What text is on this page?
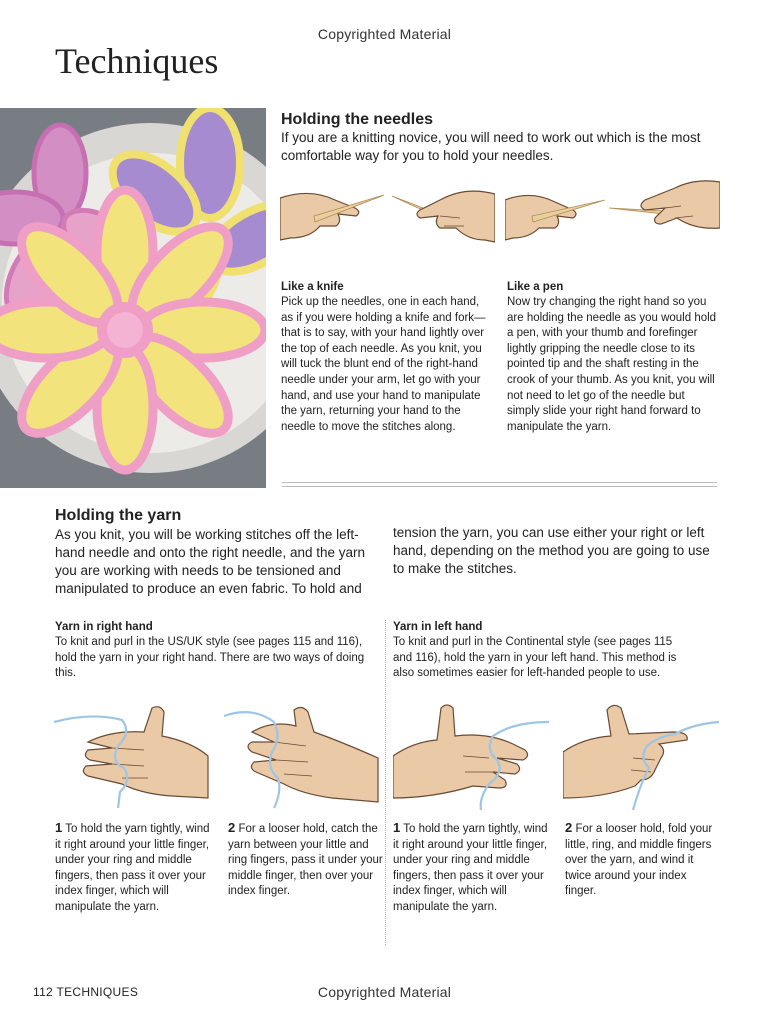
Copyrighted Material
Techniques
Holding the needles
If you are a knitting novice, you will need to work out which is the most comfortable way for you to hold your needles.
Like a knife
Pick up the needles, one in each hand, as if you were holding a knife and fork—that is to say, with your hand lightly over the top of each needle. As you knit, you will tuck the blunt end of the right-hand needle under your arm, let go with your hand, and use your hand to manipulate the yarn, returning your hand to the needle to move the stitches along.
Like a pen
Now try changing the right hand so you are holding the needle as you would hold a pen, with your thumb and forefinger lightly gripping the needle close to its pointed tip and the shaft resting in the crook of your thumb. As you knit, you will not need to let go of the needle but simply slide your right hand forward to manipulate the yarn.
Holding the yarn
As you knit, you will be working stitches off the left-hand needle and onto the right needle, and the yarn you are working with needs to be tensioned and manipulated to produce an even fabric. To hold and
tension the yarn, you can use either your right or left hand, depending on the method you are going to use to make the stitches.
Yarn in right hand
To knit and purl in the US/UK style (see pages 115 and 116), hold the yarn in your right hand. There are two ways of doing this.
Yarn in left hand
To knit and purl in the Continental style (see pages 115 and 116), hold the yarn in your left hand. This method is also sometimes easier for left-handed people to use.
1 To hold the yarn tightly, wind it right around your little finger, under your ring and middle fingers, then pass it over your index finger, which will manipulate the yarn.
2 For a looser hold, catch the yarn between your little and ring fingers, pass it under your middle finger, then over your index finger.
1 To hold the yarn tightly, wind it right around your little finger, under your ring and middle fingers, then pass it over your index finger, which will manipulate the yarn.
2 For a looser hold, fold your little, ring, and middle fingers over the yarn, and wind it twice around your index finger.
112 TECHNIQUES	Copyrighted Material
